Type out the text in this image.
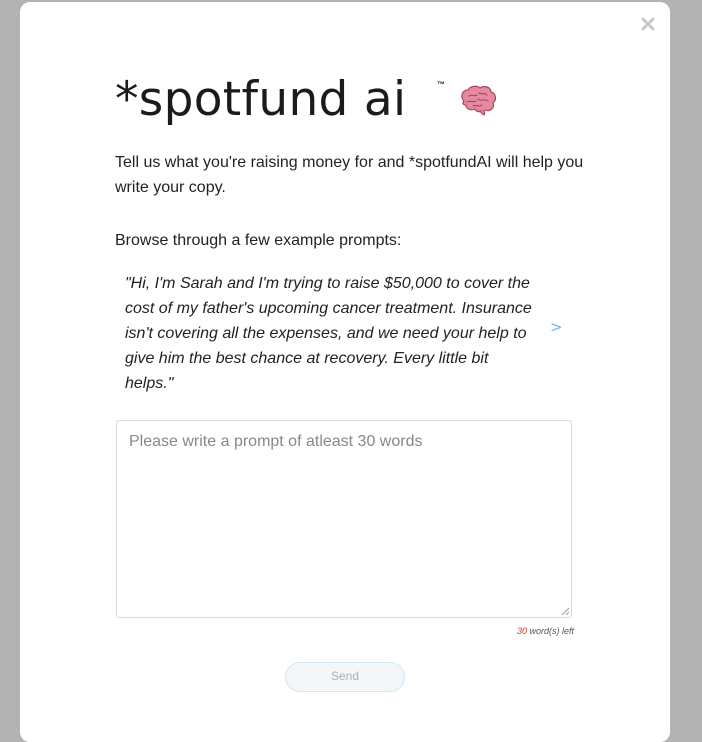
*spotfund ai	™
Tell us what you're raising money for and *spotfundAI will help you write your copy.
Browse through a few example prompts:
"Hi, I'm Sarah and I'm trying to raise $50,000 to cover the cost of my father's upcoming cancer treatment. Insurance isn't covering all the expenses, and we need your help to give him the best chance at recovery. Every little bit helps."
>
Please write a prompt of atleast 30 words
30 word(s) left
Send
